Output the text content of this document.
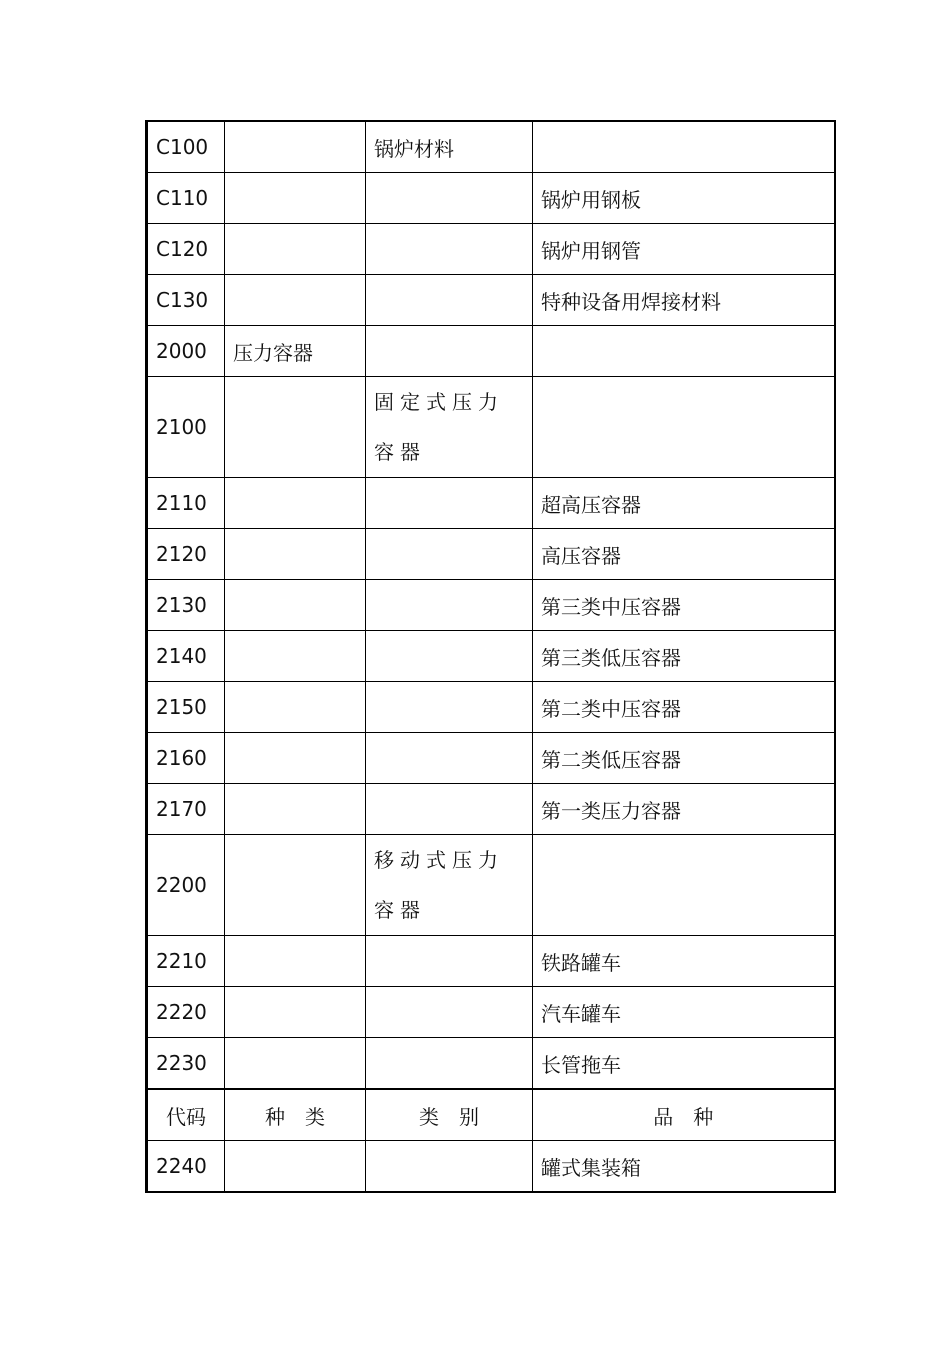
C100		锅炉材料	
C110			锅炉用钢板
C120			锅炉用钢管
C130			特种设备用焊接材料
2000	压力容器		
2100		固定式压力容器	
2110			超高压容器
2120			高压容器
2130			第三类中压容器
2140			第三类低压容器
2150			第二类中压容器
2160			第二类低压容器
2170			第一类压力容器
2200		移动式压力容器	
2210			铁路罐车
2220			汽车罐车
2230			长管拖车
代码	种　类	类　别	品　种
2240			罐式集装箱
